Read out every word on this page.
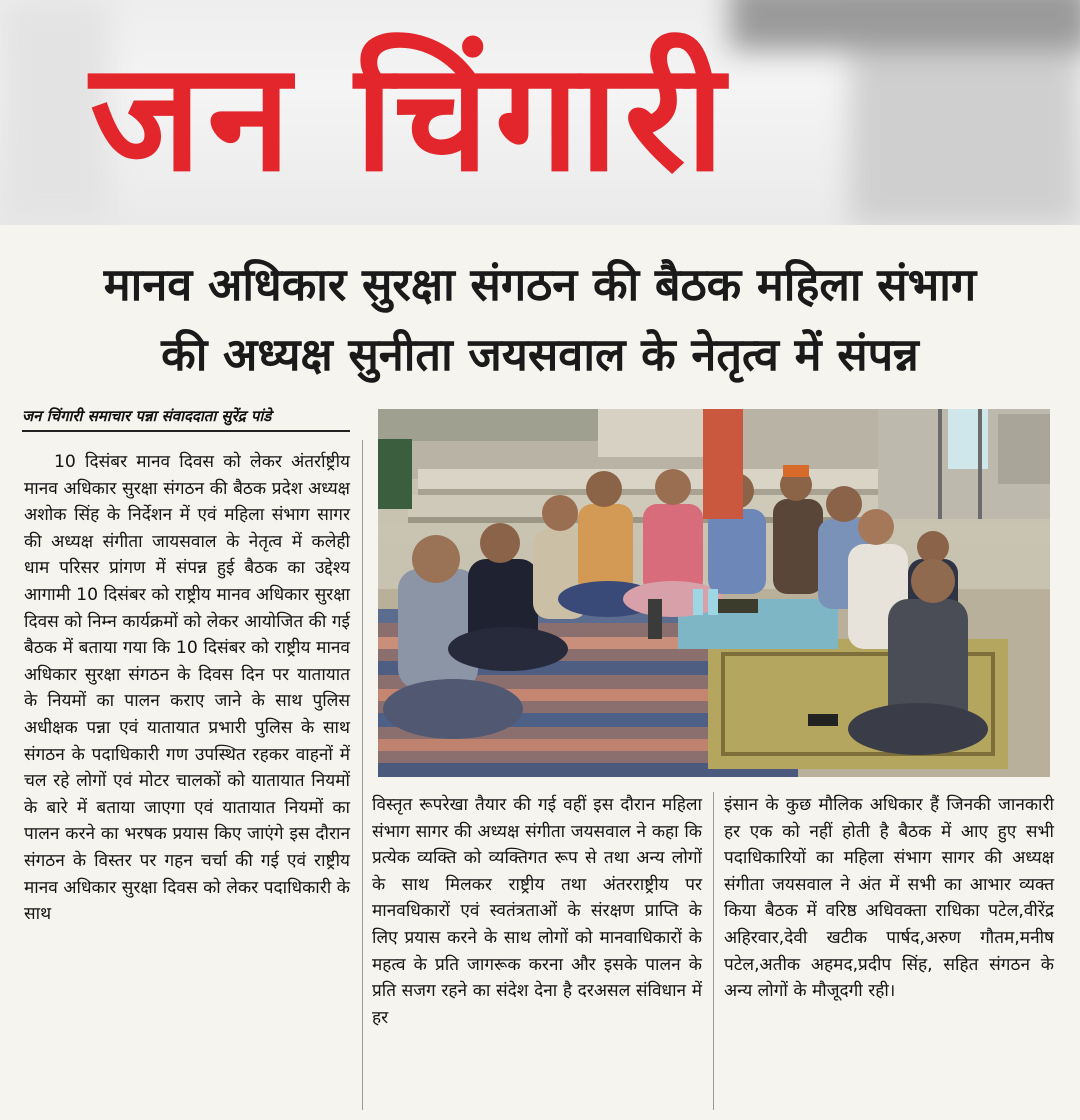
जन चिंगारी
मानव अधिकार सुरक्षा संगठन की बैठक महिला संभाग
की अध्यक्ष सुनीता जयसवाल के नेतृत्व में संपन्न
जन चिंगारी समाचार पन्ना संवाददाता सुरेंद्र पांडे
10 दिसंबर मानव दिवस को लेकर अंतर्राष्ट्रीय मानव अधिकार सुरक्षा संगठन की बैठक प्रदेश अध्यक्ष अशोक सिंह के निर्देशन में एवं महिला संभाग सागर की अध्यक्ष संगीता जायसवाल के नेतृत्व में कलेही धाम परिसर प्रांगण में संपन्न हुई बैठक का उद्देश्य आगामी 10 दिसंबर को राष्ट्रीय मानव अधिकार सुरक्षा दिवस को निम्न कार्यक्रमों को लेकर आयोजित की गई बैठक में बताया गया कि 10 दिसंबर को राष्ट्रीय मानव अधिकार सुरक्षा संगठन के दिवस दिन पर यातायात के नियमों का पालन कराए जाने के साथ पुलिस अधीक्षक पन्ना एवं यातायात प्रभारी पुलिस के साथ संगठन के पदाधिकारी गण उपस्थित रहकर वाहनों में चल रहे लोगों एवं मोटर चालकों को यातायात नियमों के बारे में बताया जाएगा एवं यातायात नियमों का पालन करने का भरषक प्रयास किए जाएंगे इस दौरान संगठन के विस्तर पर गहन चर्चा की गई एवं राष्ट्रीय मानव अधिकार सुरक्षा दिवस को लेकर पदाधिकारी के साथ
विस्तृत रूपरेखा तैयार की गई वहीं इस दौरान महिला संभाग सागर की अध्यक्ष संगीता जयसवाल ने कहा कि प्रत्येक व्यक्ति को व्यक्तिगत रूप से तथा अन्य लोगों के साथ मिलकर राष्ट्रीय तथा अंतरराष्ट्रीय पर मानवधिकारों एवं स्वतंत्रताओं के संरक्षण प्राप्ति के लिए प्रयास करने के साथ लोगों को मानवाधिकारों के महत्व के प्रति जागरूक करना और इसके पालन के प्रति सजग रहने का संदेश देना है दरअसल संविधान में हर
इंसान के कुछ मौलिक अधिकार हैं जिनकी जानकारी हर एक को नहीं होती है बैठक में आए हुए सभी पदाधिकारियों का महिला संभाग सागर की अध्यक्ष संगीता जयसवाल ने अंत में सभी का आभार व्यक्त किया बैठक में वरिष्ठ अधिवक्ता राधिका पटेल,वीरेंद्र अहिरवार,देवी खटीक पार्षद,अरुण गौतम,मनीष पटेल,अतीक अहमद,प्रदीप सिंह, सहित संगठन के अन्य लोगों के मौजूदगी रही।
